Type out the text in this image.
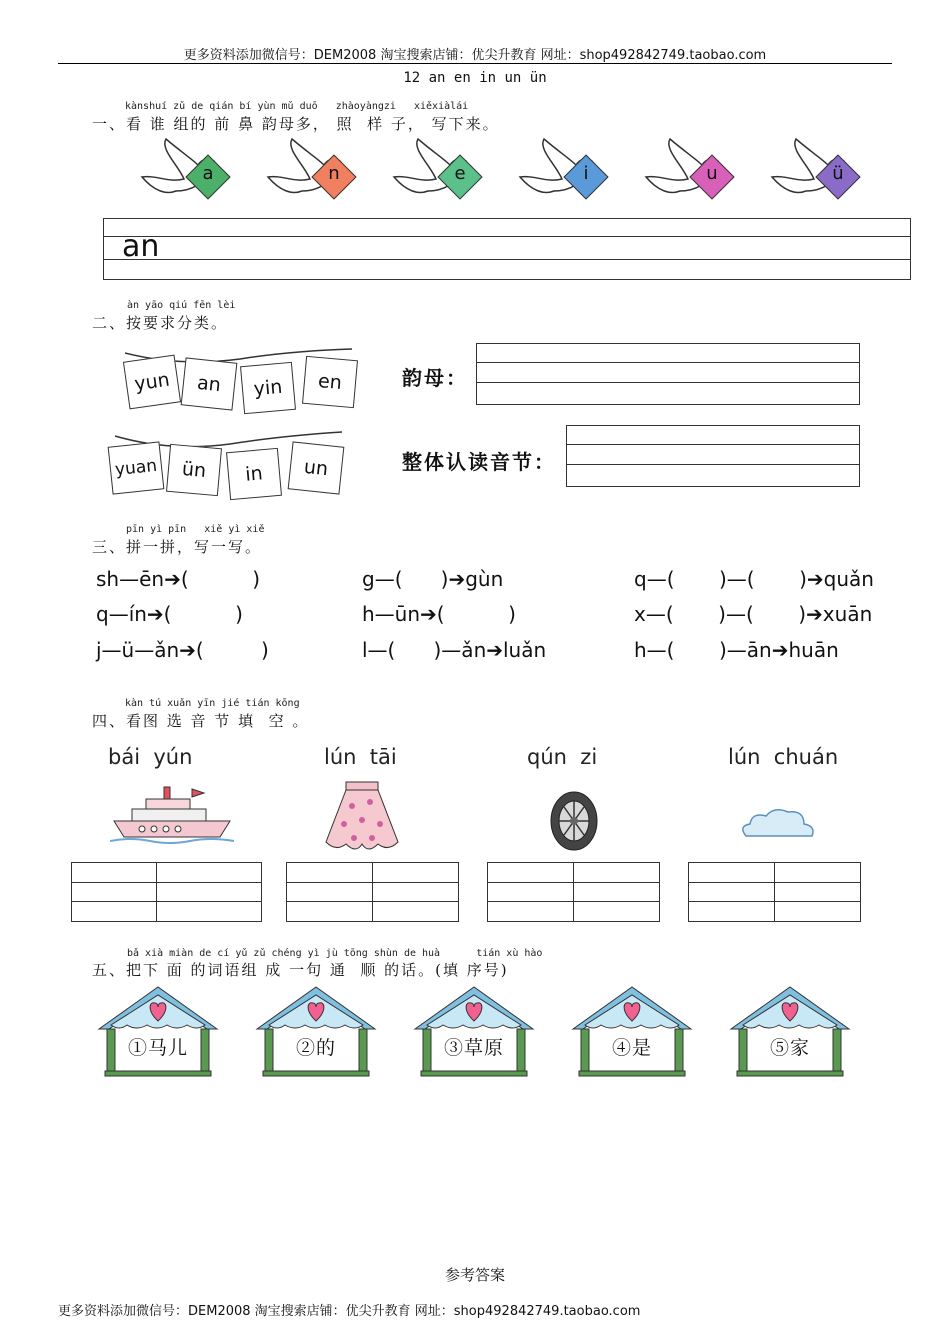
更多资料添加微信号：DEM2008 淘宝搜索店铺：优尖升教育 网址：shop492842749.taobao.com
12 an en in un ün
kànshuí zǔ de qián bí yùn mǔ duō   zhàoyàngzi   xiěxiàlái
一、看 谁 组的 前 鼻 韵母多， 照  样 子， 写下来。
a	n	e	i	u	ü
an
àn yāo qiú fēn lèi
二、按要求分类。
yun	an	yin	en
yuan	ün	in	un
韵母：
整体认读音节：
pīn yì pīn   xiě yì xiě
三、拼一拼，写一写。
sh—ēn➔(          )	g—(      )➔gùn	q—(       )—(       )➔quǎn
q—ín➔(          )	h—ūn➔(          )	x—(       )—(       )➔xuān
j—ü—ǎn➔(         )	l—(      )—ǎn➔luǎn	h—(       )—ān➔huān
kàn tú xuǎn yīn jié tián kōng
四、看图 选 音 节 填  空 。
bái  yún	lún  tāi	qún  zi	lún  chuán
bǎ xià miàn de cí yǔ zǔ chéng yì jù tōng shùn de huà      tián xù hào
五、把下 面 的词语组 成 一句 通  顺 的话。(填 序号)
①马儿	②的	③草原	④是	⑤家
参考答案
更多资料添加微信号：DEM2008 淘宝搜索店铺：优尖升教育 网址：shop492842749.taobao.com
